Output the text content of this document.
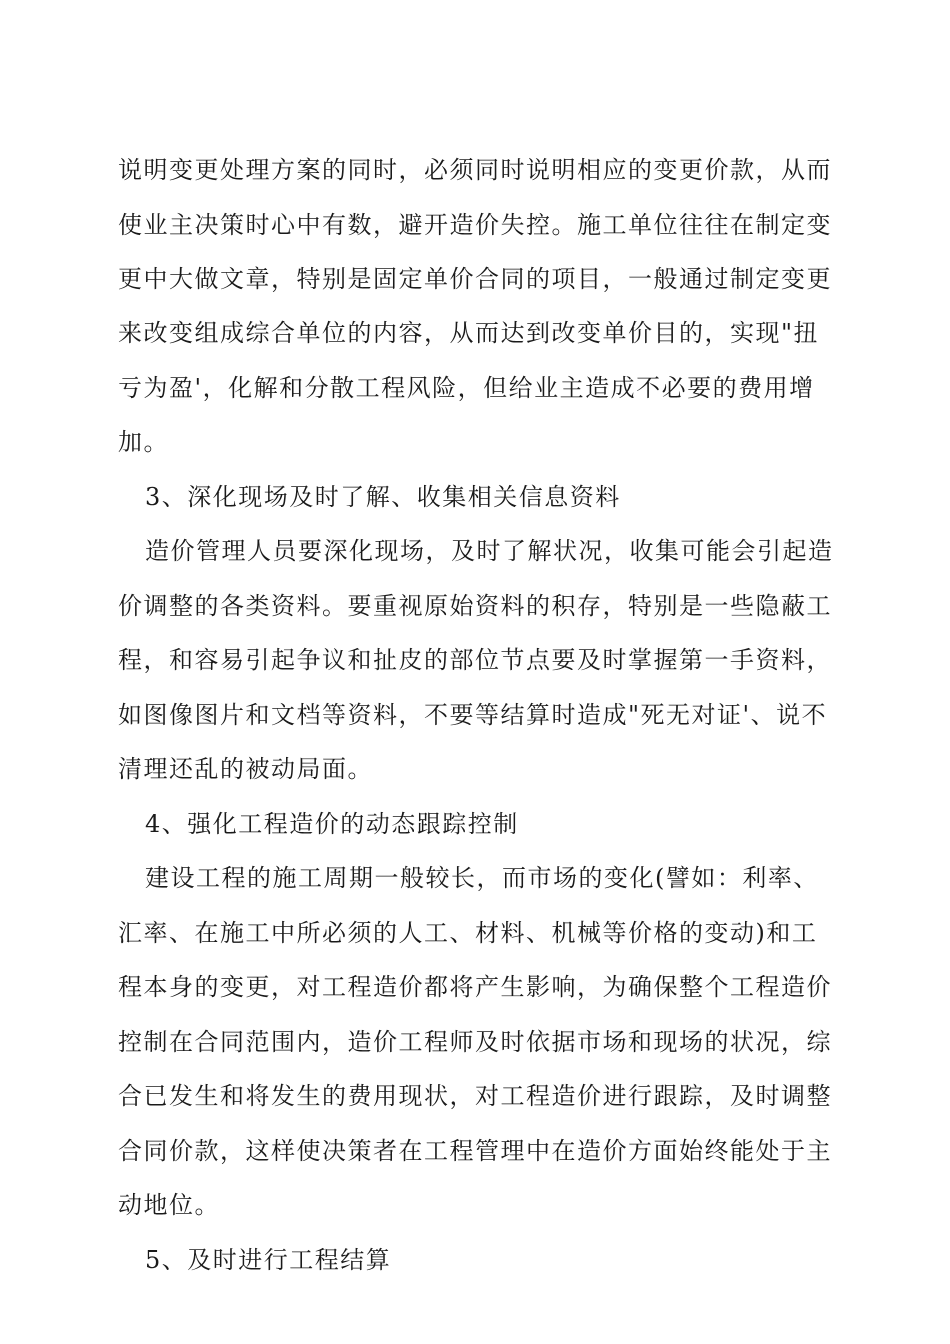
说明变更处理方案的同时，必须同时说明相应的变更价款，从而
使业主决策时心中有数，避开造价失控。施工单位往往在制定变
更中大做文章，特别是固定单价合同的项目，一般通过制定变更
来改变组成综合单位的内容，从而达到改变单价目的，实现"扭
亏为盈'，化解和分散工程风险，但给业主造成不必要的费用增
加。
3、深化现场及时了解、收集相关信息资料
造价管理人员要深化现场，及时了解状况，收集可能会引起造
价调整的各类资料。要重视原始资料的积存，特别是一些隐蔽工
程，和容易引起争议和扯皮的部位节点要及时掌握第一手资料，
如图像图片和文档等资料，不要等结算时造成"死无对证'、说不
清理还乱的被动局面。
4、强化工程造价的动态跟踪控制
建设工程的施工周期一般较长，而市场的变化(譬如：利率、
汇率、在施工中所必须的人工、材料、机械等价格的变动)和工
程本身的变更，对工程造价都将产生影响，为确保整个工程造价
控制在合同范围内，造价工程师及时依据市场和现场的状况，综
合已发生和将发生的费用现状，对工程造价进行跟踪，及时调整
合同价款，这样使决策者在工程管理中在造价方面始终能处于主
动地位。
5、及时进行工程结算
